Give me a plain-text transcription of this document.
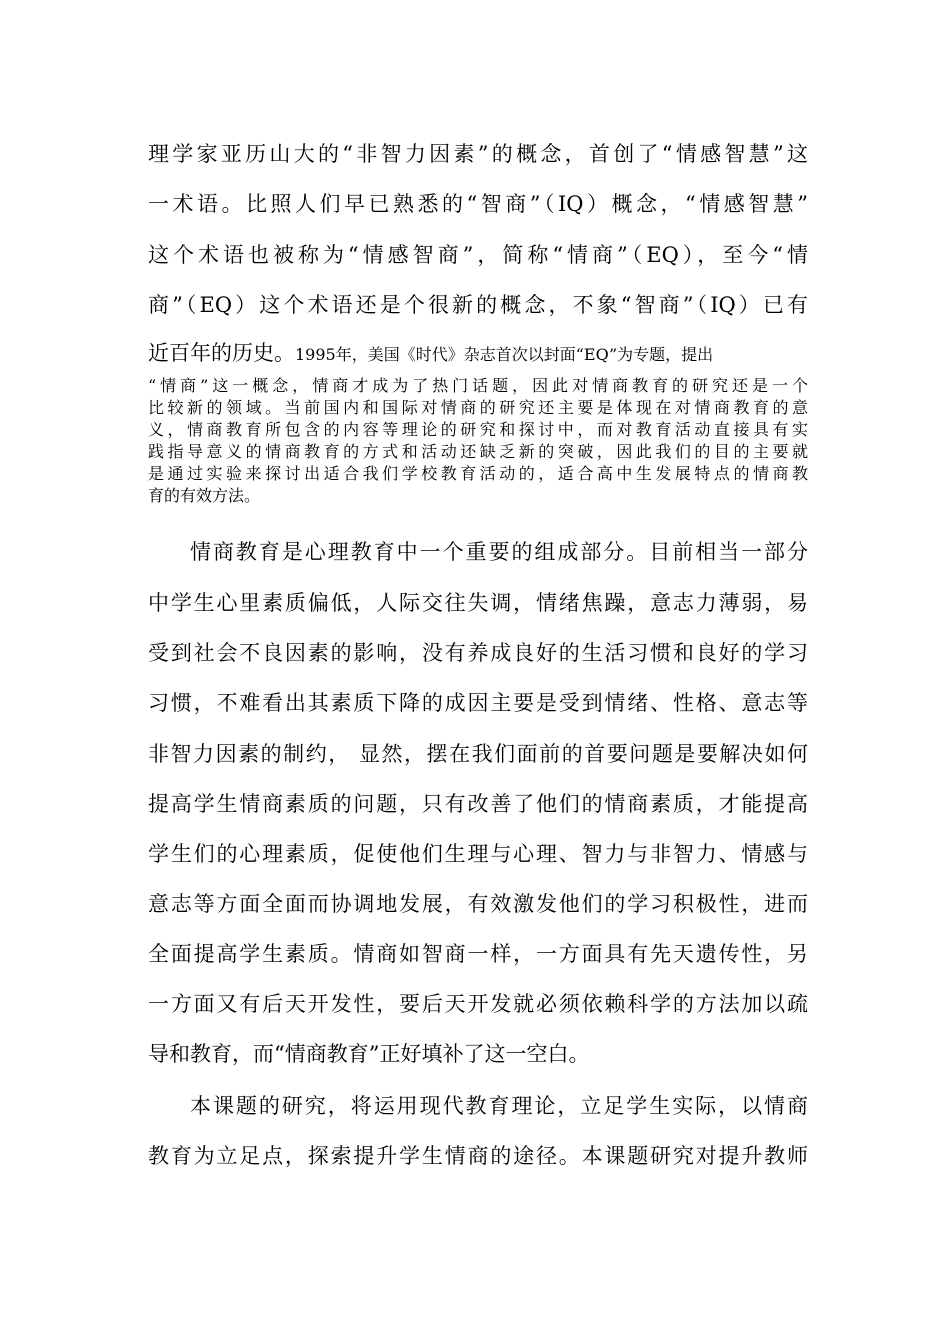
理学家亚历山大的“非智力因素”的概念，首创了“情感智慧”这
一术语。比照人们早已熟悉的“智商”（IQ）概念，“情感智慧”
这个术语也被称为“情感智商”，简称“情商”（EQ），至今“情
商”（EQ）这个术语还是个很新的概念，不象“智商”（IQ）已有
近百年的历史。1995年，美国《时代》杂志首次以封面“EQ”为专题，提出
“情商”这一概念，情商才成为了热门话题，因此对情商教育的研究还是一个
比较新的领域。当前国内和国际对情商的研究还主要是体现在对情商教育的意
义，情商教育所包含的内容等理论的研究和探讨中，而对教育活动直接具有实
践指导意义的情商教育的方式和活动还缺乏新的突破，因此我们的目的主要就
是通过实验来探讨出适合我们学校教育活动的，适合高中生发展特点的情商教
育的有效方法。
情商教育是心理教育中一个重要的组成部分。目前相当一部分
中学生心里素质偏低，人际交往失调，情绪焦躁，意志力薄弱，易
受到社会不良因素的影响，没有养成良好的生活习惯和良好的学习
习惯，不难看出其素质下降的成因主要是受到情绪、性格、意志等
非智力因素的制约， 显然，摆在我们面前的首要问题是要解决如何
提高学生情商素质的问题，只有改善了他们的情商素质，才能提高
学生们的心理素质，促使他们生理与心理、智力与非智力、情感与
意志等方面全面而协调地发展，有效激发他们的学习积极性，进而
全面提高学生素质。情商如智商一样，一方面具有先天遗传性，另
一方面又有后天开发性，要后天开发就必须依赖科学的方法加以疏
导和教育，而“情商教育”正好填补了这一空白。
本课题的研究，将运用现代教育理论，立足学生实际，以情商
教育为立足点，探索提升学生情商的途径。本课题研究对提升教师
